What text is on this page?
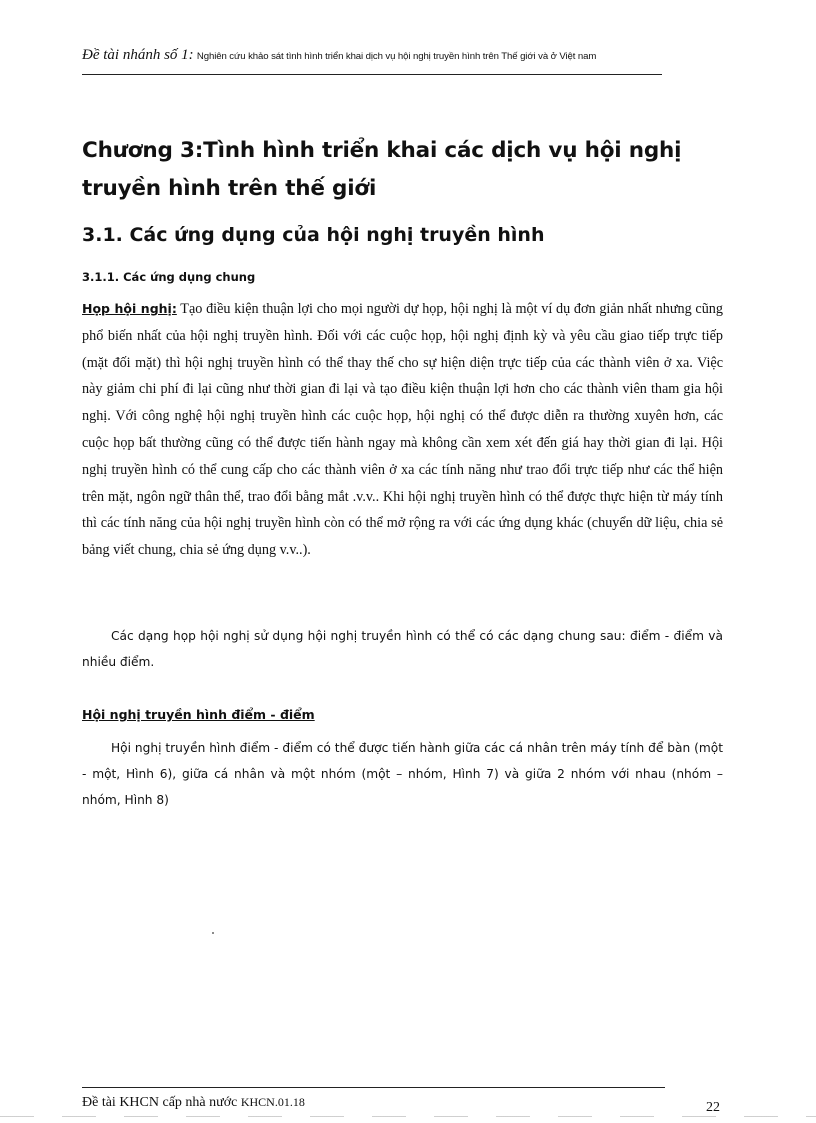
Đề tài nhánh số 1: Nghiên cứu khảo sát tình hình triển khai dịch vụ hội nghị truyền hình trên Thế giới và ở Việt nam
Chương 3:Tình hình triển khai các dịch vụ hội nghị truyền hình trên thế giới
3.1. Các ứng dụng của hội nghị truyền hình
3.1.1. Các ứng dụng chung

Họp hội nghị: Tạo điều kiện thuận lợi cho mọi người dự họp, hội nghị là một ví dụ đơn giản nhất nhưng cũng phổ biến nhất của hội nghị truyền hình. Đối với các cuộc họp, hội nghị định kỳ và yêu cầu giao tiếp trực tiếp (mặt đối mặt) thì hội nghị truyền hình có thể thay thế cho sự hiện diện trực tiếp của các thành viên ở xa. Việc này giảm chi phí đi lại cũng như thời gian đi lại và tạo điều kiện thuận lợi hơn cho các thành viên tham gia hội nghị. Với công nghệ hội nghị truyền hình các cuộc họp, hội nghị có thể được diễn ra thường xuyên hơn, các cuộc họp bất thường cũng có thể được tiến hành ngay mà không cần xem xét đến giá hay thời gian đi lại. Hội nghị truyền hình có thể cung cấp cho các thành viên ở xa các tính năng như trao đổi trực tiếp như các thể hiện trên mặt, ngôn ngữ thân thể, trao đổi bằng mắt .v.v.. Khi hội nghị truyền hình có thể được thực hiện từ máy tính thì các tính năng của hội nghị truyền hình còn có thể mở rộng ra với các ứng dụng khác (chuyển dữ liệu, chia sẻ bảng viết chung, chia sẻ ứng dụng v.v..).

Các dạng họp hội nghị sử dụng hội nghị truyền hình có thể có các dạng chung sau: điểm - điểm và nhiều điểm.

Hội nghị truyền hình điểm - điểm

Hội nghị truyền hình điểm - điểm có thể được tiến hành giữa các cá nhân trên máy tính để bàn (một - một, Hình 6), giữa cá nhân và một nhóm (một – nhóm, Hình 7) và giữa 2 nhóm với nhau (nhóm – nhóm, Hình 8)

Đề tài KHCN cấp nhà nước KHCN.01.18	22
